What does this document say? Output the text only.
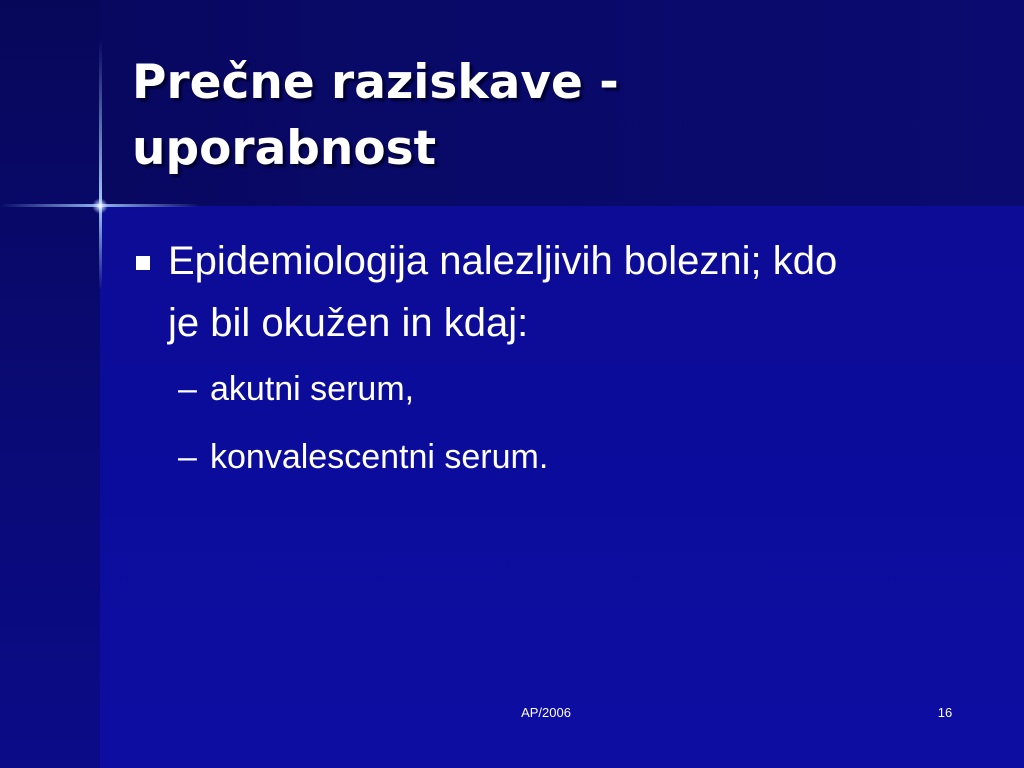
Prečne raziskave -
uporabnost
Epidemiologija nalezljivih bolezni; kdo
je bil okužen in kdaj:
– akutni serum,
– konvalescentni serum.
AP/2006	16
